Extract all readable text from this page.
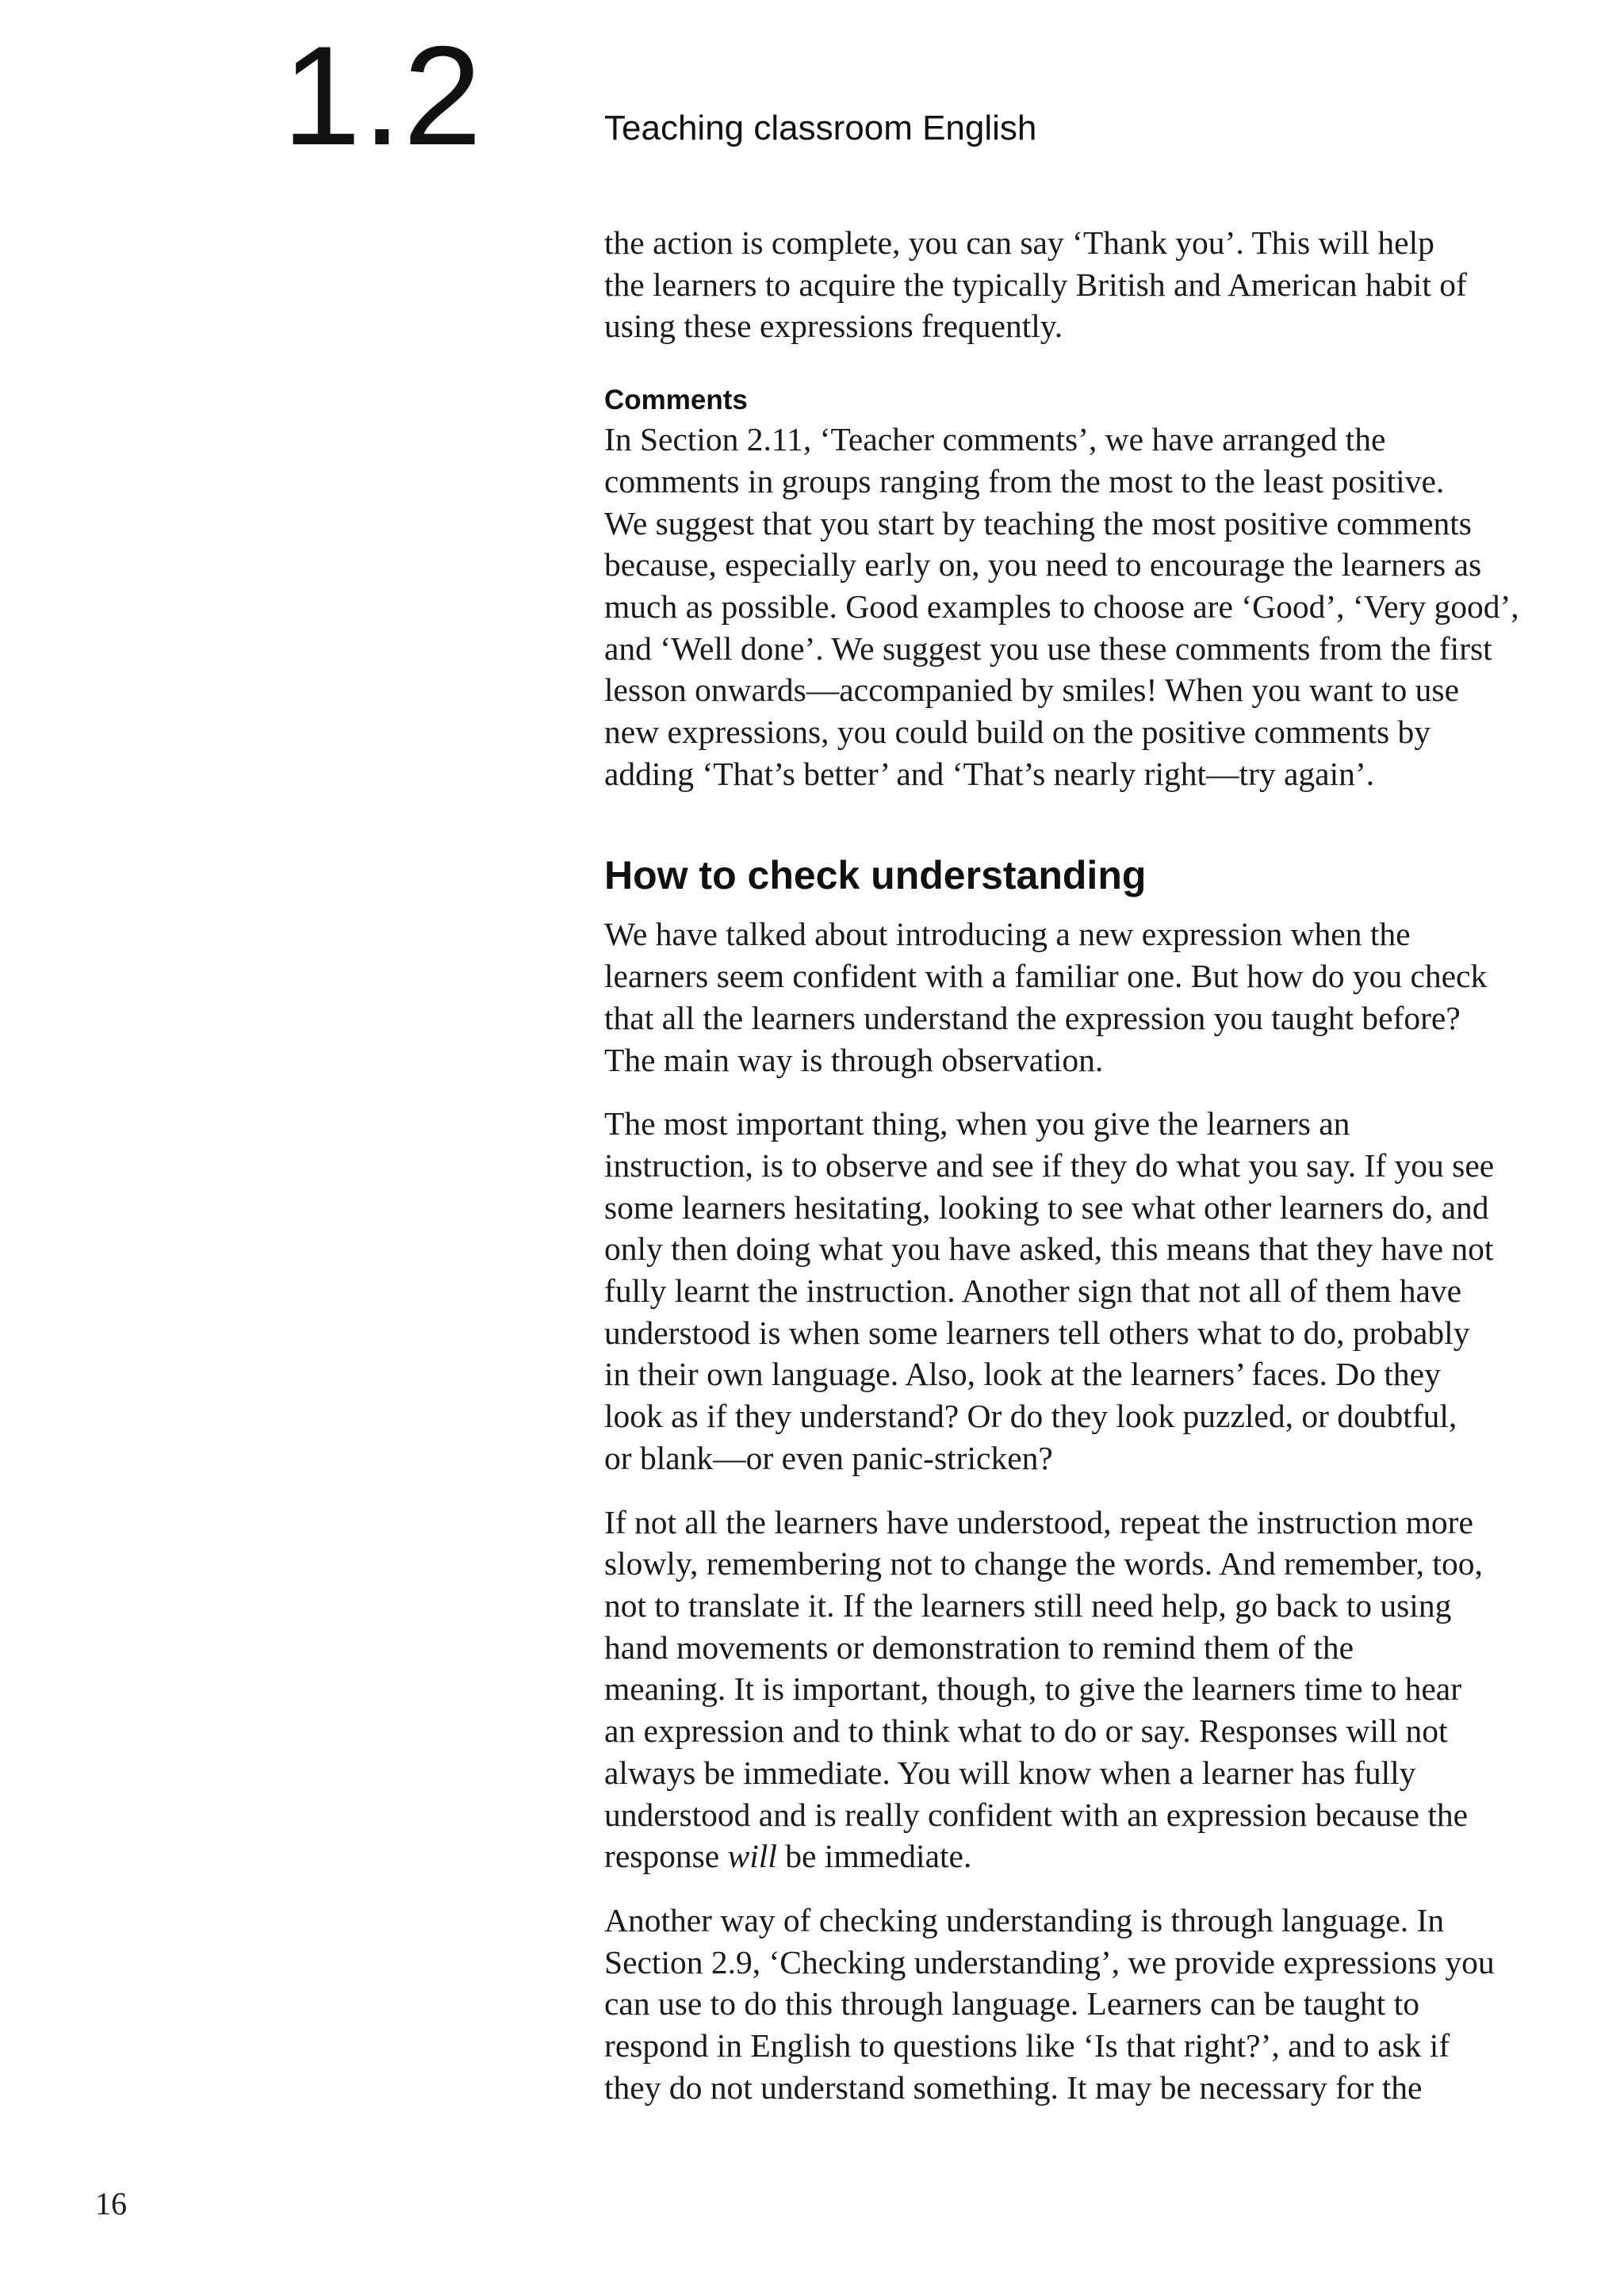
1.2	Teaching classroom English

the action is complete, you can say ‘Thank you’. This will help
the learners to acquire the typically British and American habit of
using these expressions frequently.

Comments

In Section 2.11, ‘Teacher comments’, we have arranged the
comments in groups ranging from the most to the least positive.
We suggest that you start by teaching the most positive comments
because, especially early on, you need to encourage the learners as
much as possible. Good examples to choose are ‘Good’, ‘Very good’,
and ‘Well done’. We suggest you use these comments from the first
lesson onwards—accompanied by smiles! When you want to use
new expressions, you could build on the positive comments by
adding ‘That’s better’ and ‘That’s nearly right—try again’.

How to check understanding

We have talked about introducing a new expression when the
learners seem confident with a familiar one. But how do you check
that all the learners understand the expression you taught before?
The main way is through observation.

The most important thing, when you give the learners an
instruction, is to observe and see if they do what you say. If you see
some learners hesitating, looking to see what other learners do, and
only then doing what you have asked, this means that they have not
fully learnt the instruction. Another sign that not all of them have
understood is when some learners tell others what to do, probably
in their own language. Also, look at the learners’ faces. Do they
look as if they understand? Or do they look puzzled, or doubtful,
or blank—or even panic-stricken?

If not all the learners have understood, repeat the instruction more
slowly, remembering not to change the words. And remember, too,
not to translate it. If the learners still need help, go back to using
hand movements or demonstration to remind them of the
meaning. It is important, though, to give the learners time to hear
an expression and to think what to do or say. Responses will not
always be immediate. You will know when a learner has fully
understood and is really confident with an expression because the
response will be immediate.

Another way of checking understanding is through language. In
Section 2.9, ‘Checking understanding’, we provide expressions you
can use to do this through language. Learners can be taught to
respond in English to questions like ‘Is that right?’, and to ask if
they do not understand something. It may be necessary for the

16
